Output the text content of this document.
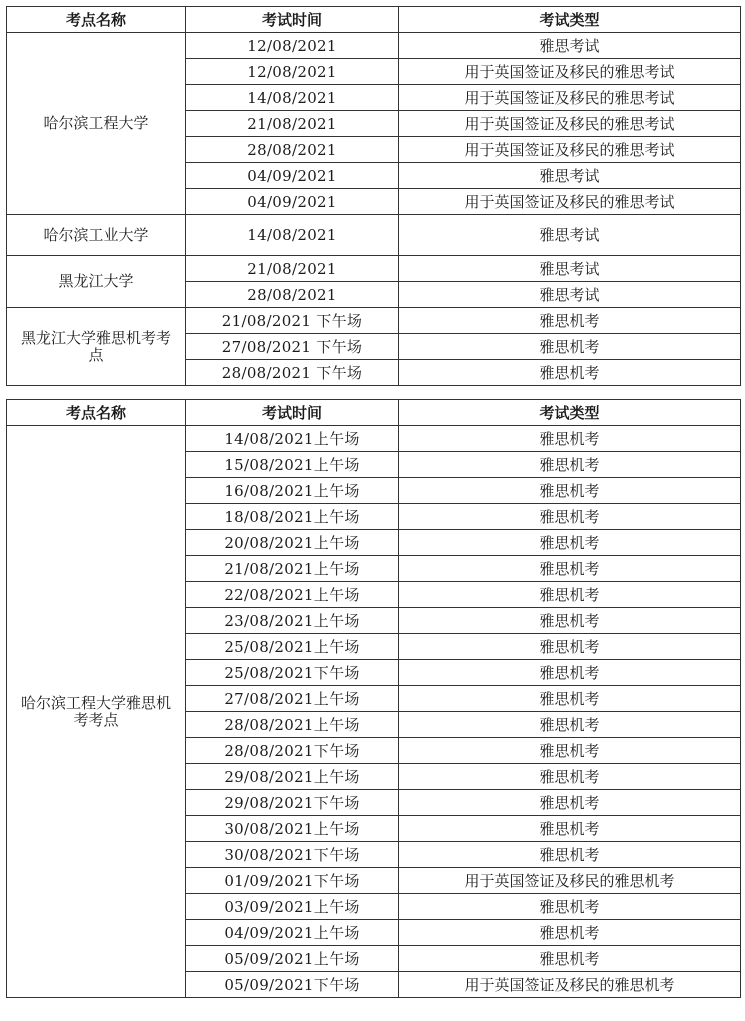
考点名称	考试时间	考试类型
哈尔滨工程大学	12/08/2021	雅思考试
	12/08/2021	用于英国签证及移民的雅思考试
	14/08/2021	用于英国签证及移民的雅思考试
	21/08/2021	用于英国签证及移民的雅思考试
	28/08/2021	用于英国签证及移民的雅思考试
	04/09/2021	雅思考试
	04/09/2021	用于英国签证及移民的雅思考试
哈尔滨工业大学	14/08/2021	雅思考试
黑龙江大学	21/08/2021	雅思考试
	28/08/2021	雅思考试
黑龙江大学雅思机考考点	21/08/2021 下午场	雅思机考
	27/08/2021 下午场	雅思机考
	28/08/2021 下午场	雅思机考
考点名称	考试时间	考试类型
哈尔滨工程大学雅思机考考点	14/08/2021上午场	雅思机考
	15/08/2021上午场	雅思机考
	16/08/2021上午场	雅思机考
	18/08/2021上午场	雅思机考
	20/08/2021上午场	雅思机考
	21/08/2021上午场	雅思机考
	22/08/2021上午场	雅思机考
	23/08/2021上午场	雅思机考
	25/08/2021上午场	雅思机考
	25/08/2021下午场	雅思机考
	27/08/2021上午场	雅思机考
	28/08/2021上午场	雅思机考
	28/08/2021下午场	雅思机考
	29/08/2021上午场	雅思机考
	29/08/2021下午场	雅思机考
	30/08/2021上午场	雅思机考
	30/08/2021下午场	雅思机考
	01/09/2021下午场	用于英国签证及移民的雅思机考
	03/09/2021上午场	雅思机考
	04/09/2021上午场	雅思机考
	05/09/2021上午场	雅思机考
	05/09/2021下午场	用于英国签证及移民的雅思机考
